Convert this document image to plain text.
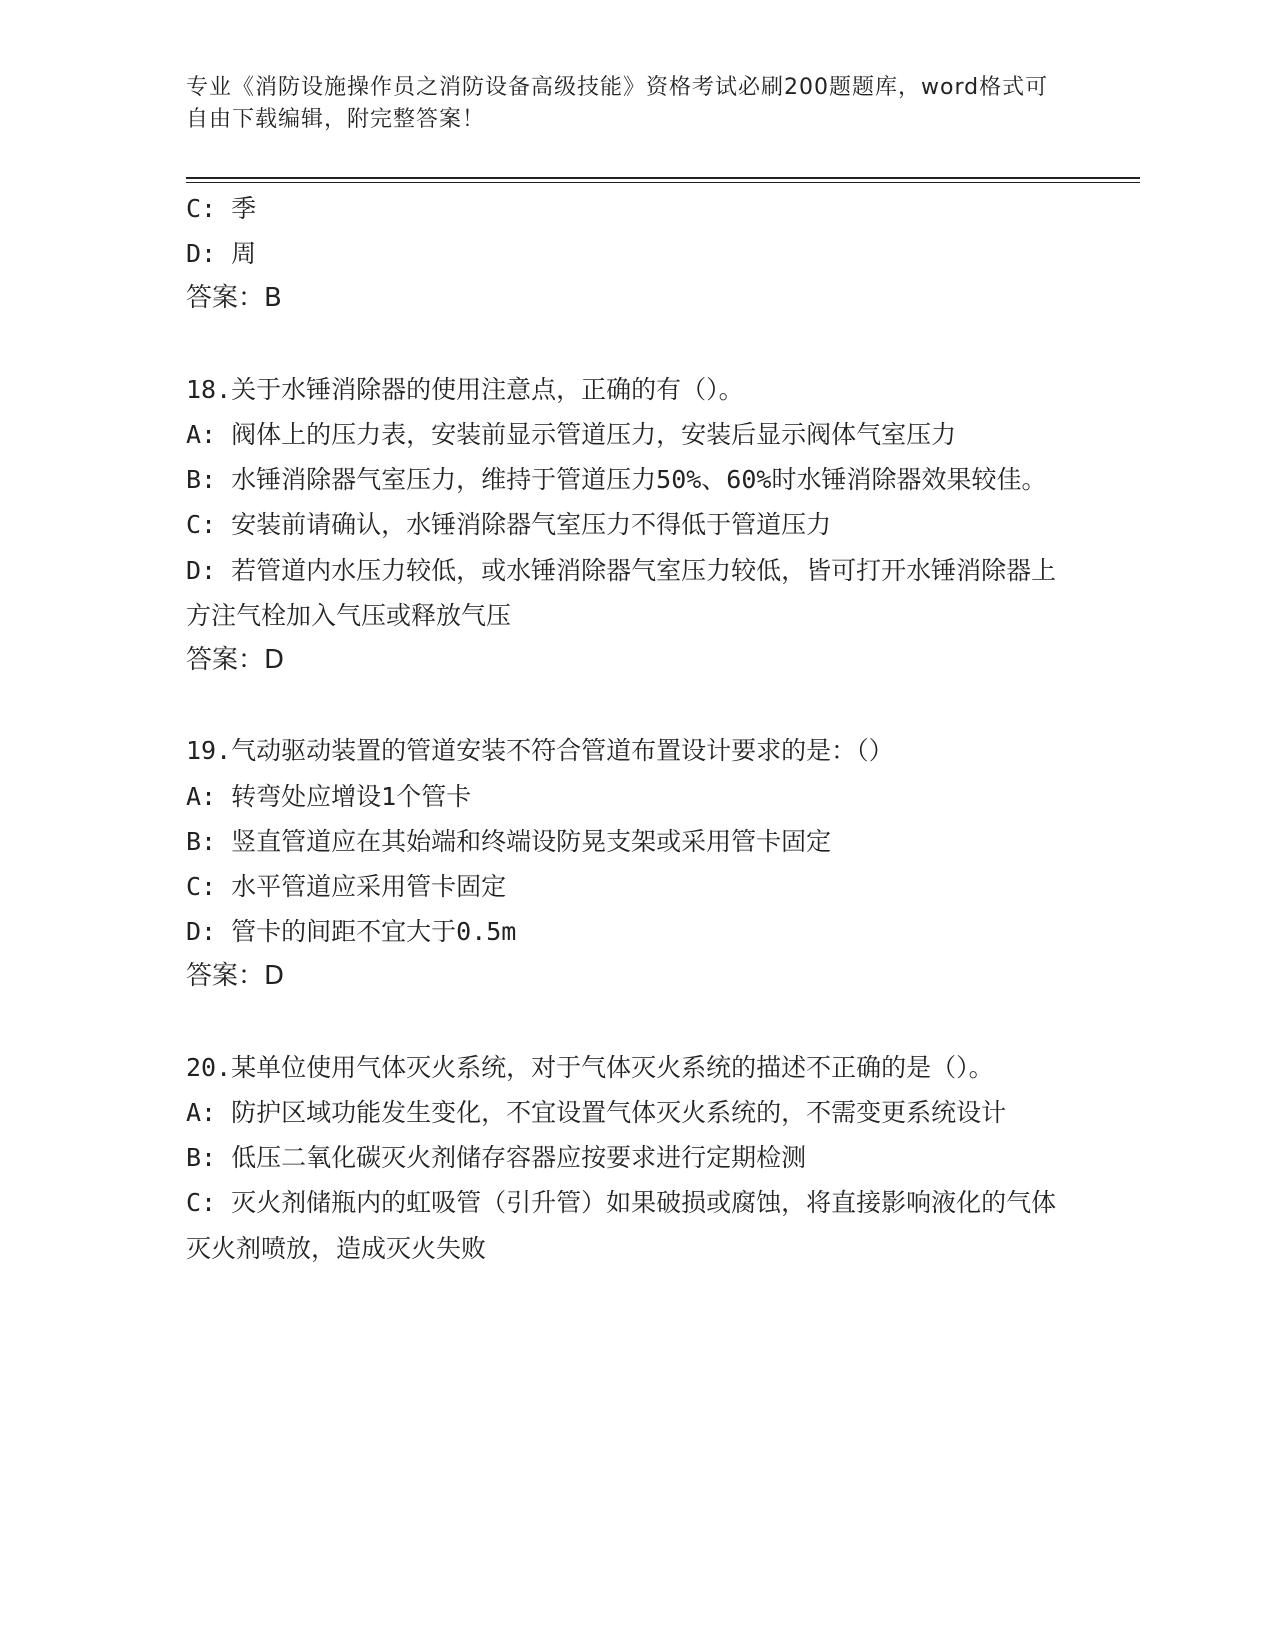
专业《消防设施操作员之消防设备高级技能》资格考试必刷200题题库，word格式可自由下载编辑，附完整答案！
C: 季
D: 周
答案：B
18.关于水锤消除器的使用注意点，正确的有（）。
A: 阀体上的压力表，安装前显示管道压力，安装后显示阀体气室压力
B: 水锤消除器气室压力，维持于管道压力50%、60%时水锤消除器效果较佳。
C: 安装前请确认，水锤消除器气室压力不得低于管道压力
D: 若管道内水压力较低，或水锤消除器气室压力较低，皆可打开水锤消除器上方注气栓加入气压或释放气压
答案：D
19.气动驱动装置的管道安装不符合管道布置设计要求的是：（）
A: 转弯处应增设1个管卡
B: 竖直管道应在其始端和终端设防晃支架或采用管卡固定
C: 水平管道应采用管卡固定
D: 管卡的间距不宜大于0.5m
答案：D
20.某单位使用气体灭火系统，对于气体灭火系统的描述不正确的是（）。
A: 防护区域功能发生变化，不宜设置气体灭火系统的，不需变更系统设计
B: 低压二氧化碳灭火剂储存容器应按要求进行定期检测
C: 灭火剂储瓶内的虹吸管（引升管）如果破损或腐蚀，将直接影响液化的气体灭火剂喷放，造成灭火失败
